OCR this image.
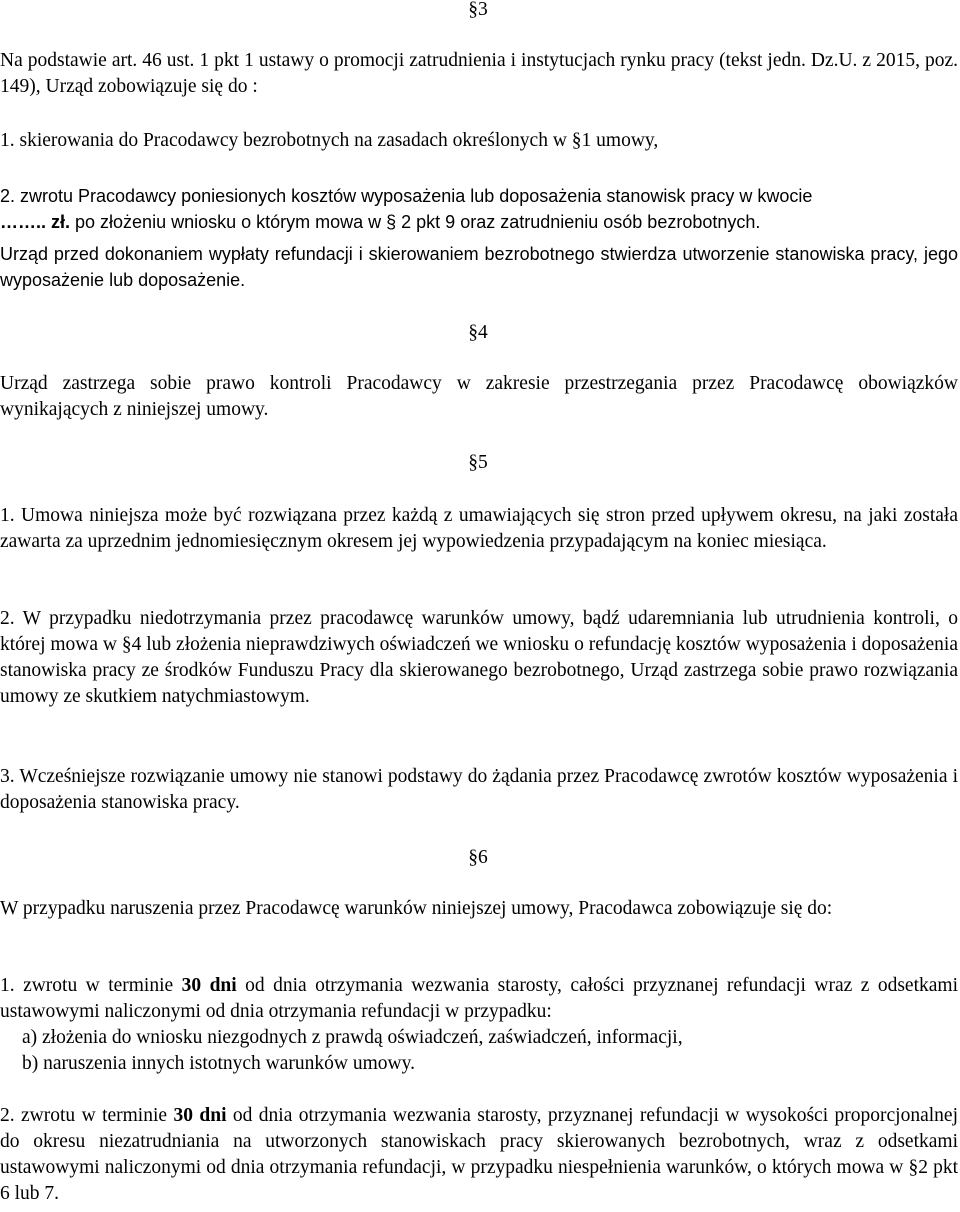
§3

Na podstawie art. 46 ust. 1 pkt 1 ustawy o promocji zatrudnienia i instytucjach rynku pracy (tekst jedn. Dz.U. z 2015, poz. 149), Urząd zobowiązuje się do :

1. skierowania do Pracodawcy bezrobotnych na zasadach określonych w §1 umowy,

2. zwrotu Pracodawcy poniesionych kosztów wyposażenia lub doposażenia stanowisk pracy w kwocie
…….. zł. po złożeniu wniosku o którym mowa w § 2 pkt 9 oraz zatrudnieniu osób bezrobotnych.

Urząd przed dokonaniem wypłaty refundacji i skierowaniem bezrobotnego stwierdza utworzenie stanowiska pracy, jego wyposażenie lub doposażenie.

§4

Urząd zastrzega sobie prawo kontroli Pracodawcy w zakresie przestrzegania przez Pracodawcę obowiązków wynikających z niniejszej umowy.

§5

1. Umowa niniejsza może być rozwiązana przez każdą z umawiających się stron przed upływem okresu, na jaki została zawarta za uprzednim jednomiesięcznym okresem jej wypowiedzenia przypadającym na koniec miesiąca.

2. W przypadku niedotrzymania przez pracodawcę warunków umowy, bądź udaremniania lub utrudnienia kontroli, o której mowa w §4 lub złożenia nieprawdziwych oświadczeń we wniosku o refundację kosztów wyposażenia i doposażenia stanowiska pracy ze środków Funduszu Pracy dla skierowanego bezrobotnego, Urząd zastrzega sobie prawo rozwiązania umowy ze skutkiem natychmiastowym.

3. Wcześniejsze rozwiązanie umowy nie stanowi podstawy do żądania przez Pracodawcę zwrotów kosztów wyposażenia i doposażenia stanowiska pracy.

§6

W przypadku naruszenia przez Pracodawcę warunków niniejszej umowy, Pracodawca zobowiązuje się do:

1. zwrotu w terminie 30 dni od dnia otrzymania wezwania starosty, całości przyznanej refundacji wraz z odsetkami ustawowymi naliczonymi od dnia otrzymania refundacji w przypadku:

a) złożenia do wniosku niezgodnych z prawdą oświadczeń, zaświadczeń, informacji,

b) naruszenia innych istotnych warunków umowy.

2. zwrotu w terminie 30 dni od dnia otrzymania wezwania starosty, przyznanej refundacji w wysokości proporcjonalnej do okresu niezatrudniania na utworzonych stanowiskach pracy skierowanych bezrobotnych, wraz z odsetkami ustawowymi naliczonymi od dnia otrzymania refundacji, w przypadku niespełnienia warunków, o których mowa w §2 pkt 6 lub 7.
